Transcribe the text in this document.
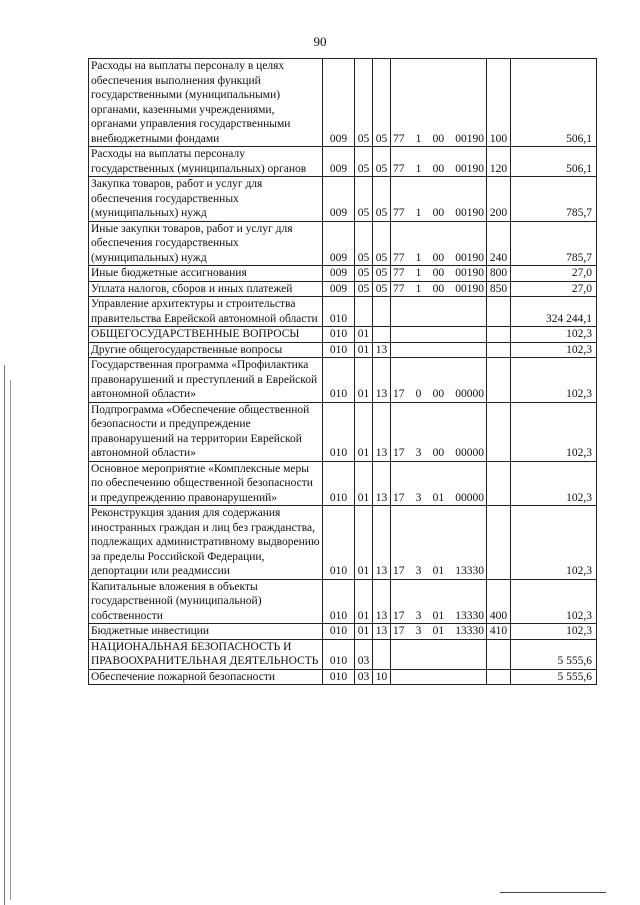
90
Расходы на выплаты персоналу в целях обеспечения выполнения функций государственными (муниципальными) органами, казенными учреждениями, органами управления государственными внебюджетными фондами	009	05	05	77 1 00 00190	100	506,1
Расходы на выплаты персоналу государственных (муниципальных) органов	009	05	05	77 1 00 00190	120	506,1
Закупка товаров, работ и услуг для обеспечения государственных (муниципальных) нужд	009	05	05	77 1 00 00190	200	785,7
Иные закупки товаров, работ и услуг для обеспечения государственных (муниципальных) нужд	009	05	05	77 1 00 00190	240	785,7
Иные бюджетные ассигнования	009	05	05	77 1 00 00190	800	27,0
Уплата налогов, сборов и иных платежей	009	05	05	77 1 00 00190	850	27,0
Управление архитектуры и строительства правительства Еврейской автономной области	010					324 244,1
ОБЩЕГОСУДАРСТВЕННЫЕ ВОПРОСЫ	010	01				102,3
Другие общегосударственные вопросы	010	01	13			102,3
Государственная программа «Профилактика правонарушений и преступлений в Еврейской автономной области»	010	01	13	17 0 00 00000		102,3
Подпрограмма «Обеспечение общественной безопасности и предупреждение правонарушений на территории Еврейской автономной области»	010	01	13	17 3 00 00000		102,3
Основное мероприятие «Комплексные меры по обеспечению общественной безопасности и предупреждению правонарушений»	010	01	13	17 3 01 00000		102,3
Реконструкция здания для содержания иностранных граждан и лиц без гражданства, подлежащих административному выдворению за пределы Российской Федерации, депортации или реадмиссии	010	01	13	17 3 01 13330		102,3
Капитальные вложения в объекты государственной (муниципальной) собственности	010	01	13	17 3 01 13330	400	102,3
Бюджетные инвестиции	010	01	13	17 3 01 13330	410	102,3
НАЦИОНАЛЬНАЯ БЕЗОПАСНОСТЬ И ПРАВООХРАНИТЕЛЬНАЯ ДЕЯТЕЛЬНОСТЬ	010	03				5 555,6
Обеспечение пожарной безопасности	010	03	10			5 555,6
